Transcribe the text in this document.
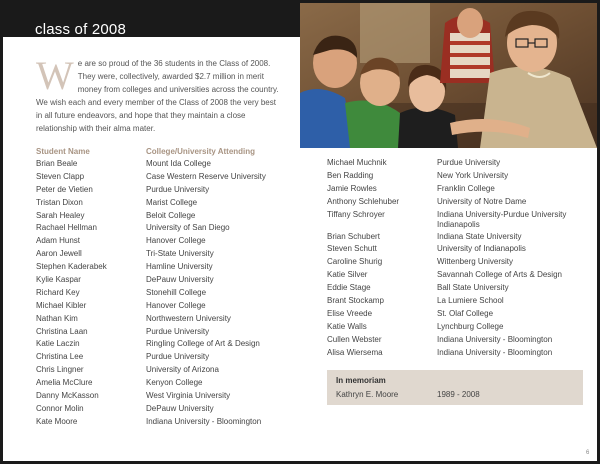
class of 2008
We are so proud of the 36 students in the Class of 2008. They were, collectively, awarded $2.7 million in merit money from colleges and universities across the country. We wish each and every member of the Class of 2008 the very best in all future endeavors, and hope that they maintain a close relationship with their alma mater.
Student Name	College/University Attending
Brian Beale
Steven Clapp
Peter de Vietien
Tristan Dixon
Sarah Healey
Rachael Hellman
Adam Hunst
Aaron Jewell
Stephen Kaderabek
Kylie Kaspar
Richard Key
Michael Kibler
Nathan Kim
Christina Laan
Katie Laczin
Christina Lee
Chris Lingner
Amelia McClure
Danny McKasson
Connor Molin
Kate Moore
Mount Ida College
Case Western Reserve University
Purdue University
Marist College
Beloit College
University of San Diego
Hanover College
Tri-State University
Hamline University
DePauw University
Stonehill College
Hanover College
Northwestern University
Purdue University
Ringling College of Art & Design
Purdue University
University of Arizona
Kenyon College
West Virginia University
DePauw University
Indiana University - Bloomington
Michael Muchnik
Ben Radding
Jamie Rowles
Anthony Schlehuber
Tiffany Schroyer
Brian Schubert
Steven Schutt
Caroline Shurig
Katie Silver
Eddie Stage
Brant Stockamp
Elise Vreede
Katie Walls
Cullen Webster
Alisa Wiersema
Purdue University
New York University
Franklin College
University of Notre Dame
Indiana University-Purdue University
Indianapolis
Indiana State University
University of Indianapolis
Wittenberg University
Savannah College of Arts & Design
Ball State University
La Lumiere School
St. Olaf College
Lynchburg College
Indiana University - Bloomington
Indiana University - Bloomington
In memoriam
Kathryn E. Moore	1989 - 2008
6
